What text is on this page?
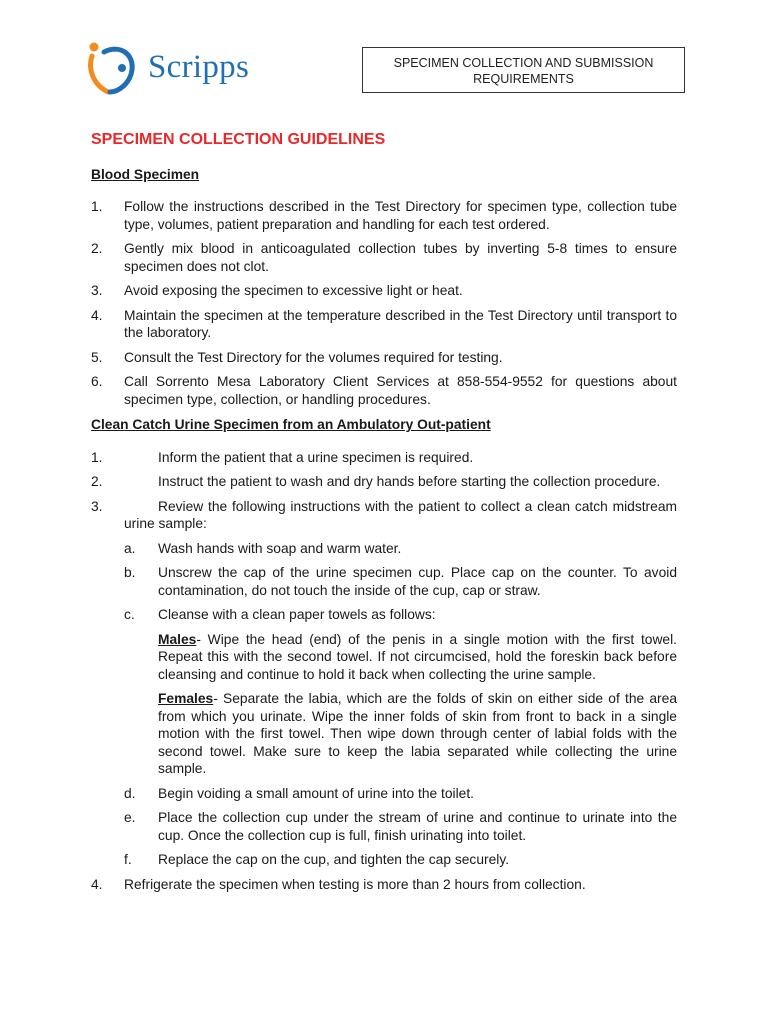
Scripps	SPECIMEN COLLECTION AND SUBMISSION
REQUIREMENTS
SPECIMEN COLLECTION GUIDELINES
Blood Specimen
1. Follow the instructions described in the Test Directory for specimen type, collection tube type, volumes, patient preparation and handling for each test ordered.
2. Gently mix blood in anticoagulated collection tubes by inverting 5-8 times to ensure specimen does not clot.
3. Avoid exposing the specimen to excessive light or heat.
4. Maintain the specimen at the temperature described in the Test Directory until transport to the laboratory.
5. Consult the Test Directory for the volumes required for testing.
6. Call Sorrento Mesa Laboratory Client Services at 858-554-9552 for questions about specimen type, collection, or handling procedures.
Clean Catch Urine Specimen from an Ambulatory Out-patient
1.	Inform the patient that a urine specimen is required.
2.	Instruct the patient to wash and dry hands before starting the collection procedure.
3.	Review the following instructions with the patient to collect a clean catch midstream urine sample:
a. Wash hands with soap and warm water.
b. Unscrew the cap of the urine specimen cup. Place cap on the counter. To avoid contamination, do not touch the inside of the cup, cap or straw.
c. Cleanse with a clean paper towels as follows:
Males- Wipe the head (end) of the penis in a single motion with the first towel. Repeat this with the second towel. If not circumcised, hold the foreskin back before cleansing and continue to hold it back when collecting the urine sample.
Females- Separate the labia, which are the folds of skin on either side of the area from which you urinate. Wipe the inner folds of skin from front to back in a single motion with the first towel. Then wipe down through center of labial folds with the second towel. Make sure to keep the labia separated while collecting the urine sample.
d. Begin voiding a small amount of urine into the toilet.
e. Place the collection cup under the stream of urine and continue to urinate into the cup. Once the collection cup is full, finish urinating into toilet.
f. Replace the cap on the cup, and tighten the cap securely.
4. Refrigerate the specimen when testing is more than 2 hours from collection.
